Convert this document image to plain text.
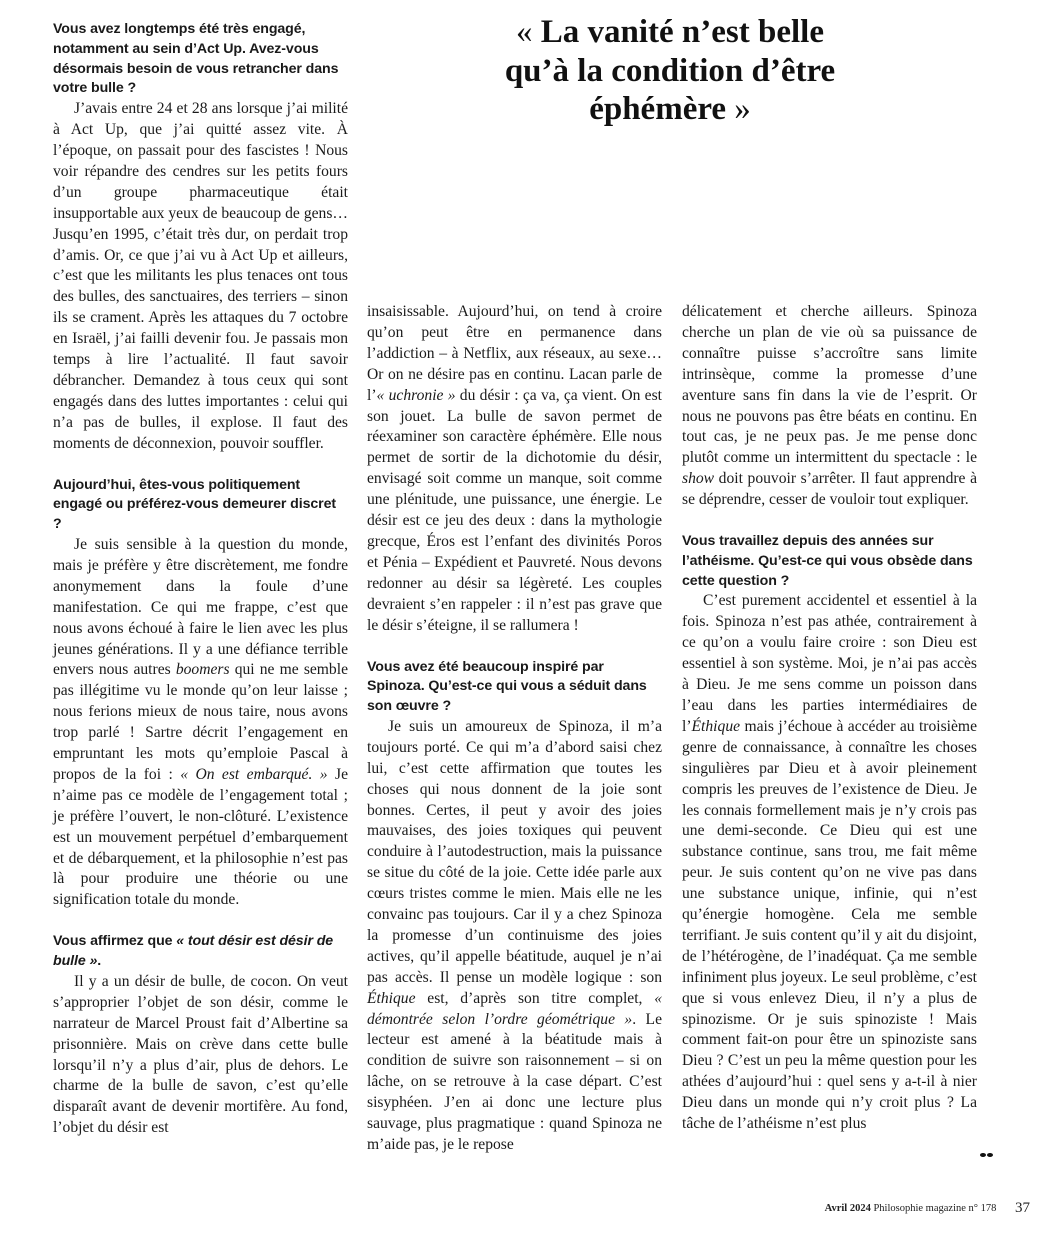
« La vanité n’est belle qu’à la condition d’être éphémère »

Vous avez longtemps été très engagé, notamment au sein d’Act Up. Avez-vous désormais besoin de vous retrancher dans votre bulle ?

J’avais entre 24 et 28 ans lorsque j’ai milité à Act Up, que j’ai quitté assez vite. À l’époque, on passait pour des fascistes ! Nous voir répandre des cendres sur les petits fours d’un groupe pharmaceutique était insupportable aux yeux de beaucoup de gens… Jusqu’en 1995, c’était très dur, on perdait trop d’amis. Or, ce que j’ai vu à Act Up et ailleurs, c’est que les militants les plus tenaces ont tous des bulles, des sanctuaires, des terriers – sinon ils se crament. Après les attaques du 7 octobre en Israël, j’ai failli devenir fou. Je passais mon temps à lire l’actualité. Il faut savoir débrancher. Demandez à tous ceux qui sont engagés dans des luttes importantes : celui qui n’a pas de bulles, il explose. Il faut des moments de déconnexion, pouvoir souffler.

Aujourd’hui, êtes-vous politiquement engagé ou préférez-vous demeurer discret ?

Je suis sensible à la question du monde, mais je préfère y être discrètement, me fondre anonymement dans la foule d’une manifestation. Ce qui me frappe, c’est que nous avons échoué à faire le lien avec les plus jeunes générations. Il y a une défiance terrible envers nous autres boomers qui ne me semble pas illégitime vu le monde qu’on leur laisse ; nous ferions mieux de nous taire, nous avons trop parlé ! Sartre décrit l’engagement en empruntant les mots qu’emploie Pascal à propos de la foi : « On est embarqué. » Je n’aime pas ce modèle de l’engagement total ; je préfère l’ouvert, le non-clôturé. L’existence est un mouvement perpétuel d’embarquement et de débarquement, et la philosophie n’est pas là pour produire une théorie ou une signification totale du monde.

Vous affirmez que « tout désir est désir de bulle ».

Il y a un désir de bulle, de cocon. On veut s’approprier l’objet de son désir, comme le narrateur de Marcel Proust fait d’Albertine sa prisonnière. Mais on crève dans cette bulle lorsqu’il n’y a plus d’air, plus de dehors. Le charme de la bulle de savon, c’est qu’elle disparaît avant de devenir mortifère. Au fond, l’objet du désir est

insaisissable. Aujourd’hui, on tend à croire qu’on peut être en permanence dans l’addiction – à Netflix, aux réseaux, au sexe… Or on ne désire pas en continu. Lacan parle de l’« uchronie » du désir : ça va, ça vient. On est son jouet. La bulle de savon permet de réexaminer son caractère éphémère. Elle nous permet de sortir de la dichotomie du désir, envisagé soit comme un manque, soit comme une plénitude, une puissance, une énergie. Le désir est ce jeu des deux : dans la mythologie grecque, Éros est l’enfant des divinités Poros et Pénia – Expédient et Pauvreté. Nous devons redonner au désir sa légèreté. Les couples devraient s’en rappeler : il n’est pas grave que le désir s’éteigne, il se rallumera !

Vous avez été beaucoup inspiré par Spinoza. Qu’est-ce qui vous a séduit dans son œuvre ?

Je suis un amoureux de Spinoza, il m’a toujours porté. Ce qui m’a d’abord saisi chez lui, c’est cette affirmation que toutes les choses qui nous donnent de la joie sont bonnes. Certes, il peut y avoir des joies mauvaises, des joies toxiques qui peuvent conduire à l’autodestruction, mais la puissance se situe du côté de la joie. Cette idée parle aux cœurs tristes comme le mien. Mais elle ne les convainc pas toujours. Car il y a chez Spinoza la promesse d’un continuisme des joies actives, qu’il appelle béatitude, auquel je n’ai pas accès. Il pense un modèle logique : son Éthique est, d’après son titre complet, « démontrée selon l’ordre géométrique ». Le lecteur est amené à la béatitude mais à condition de suivre son raisonnement – si on lâche, on se retrouve à la case départ. C’est sisyphéen. J’en ai donc une lecture plus sauvage, plus pragmatique : quand Spinoza ne m’aide pas, je le repose

délicatement et cherche ailleurs. Spinoza cherche un plan de vie où sa puissance de connaître puisse s’accroître sans limite intrinsèque, comme la promesse d’une aventure sans fin dans la vie de l’esprit. Or nous ne pouvons pas être béats en continu. En tout cas, je ne peux pas. Je me pense donc plutôt comme un intermittent du spectacle : le show doit pouvoir s’arrêter. Il faut apprendre à se déprendre, cesser de vouloir tout expliquer.

Vous travaillez depuis des années sur l’athéisme. Qu’est-ce qui vous obsède dans cette question ?

C’est purement accidentel et essentiel à la fois. Spinoza n’est pas athée, contrairement à ce qu’on a voulu faire croire : son Dieu est essentiel à son système. Moi, je n’ai pas accès à Dieu. Je me sens comme un poisson dans l’eau dans les parties intermédiaires de l’Éthique mais j’échoue à accéder au troisième genre de connaissance, à connaître les choses singulières par Dieu et à avoir pleinement compris les preuves de l’existence de Dieu. Je les connais formellement mais je n’y crois pas une demi-seconde. Ce Dieu qui est une substance continue, sans trou, me fait même peur. Je suis content qu’on ne vive pas dans une substance unique, infinie, qui n’est qu’énergie homogène. Cela me semble terrifiant. Je suis content qu’il y ait du disjoint, de l’hétérogène, de l’inadéquat. Ça me semble infiniment plus joyeux. Le seul problème, c’est que si vous enlevez Dieu, il n’y a plus de spinozisme. Or je suis spinoziste ! Mais comment fait-on pour être un spinoziste sans Dieu ? C’est un peu la même question pour les athées d’aujourd’hui : quel sens y a-t-il à nier Dieu dans un monde qui n’y croit plus ? La tâche de l’athéisme n’est plus

Avril 2024 Philosophie magazine n° 178 37
